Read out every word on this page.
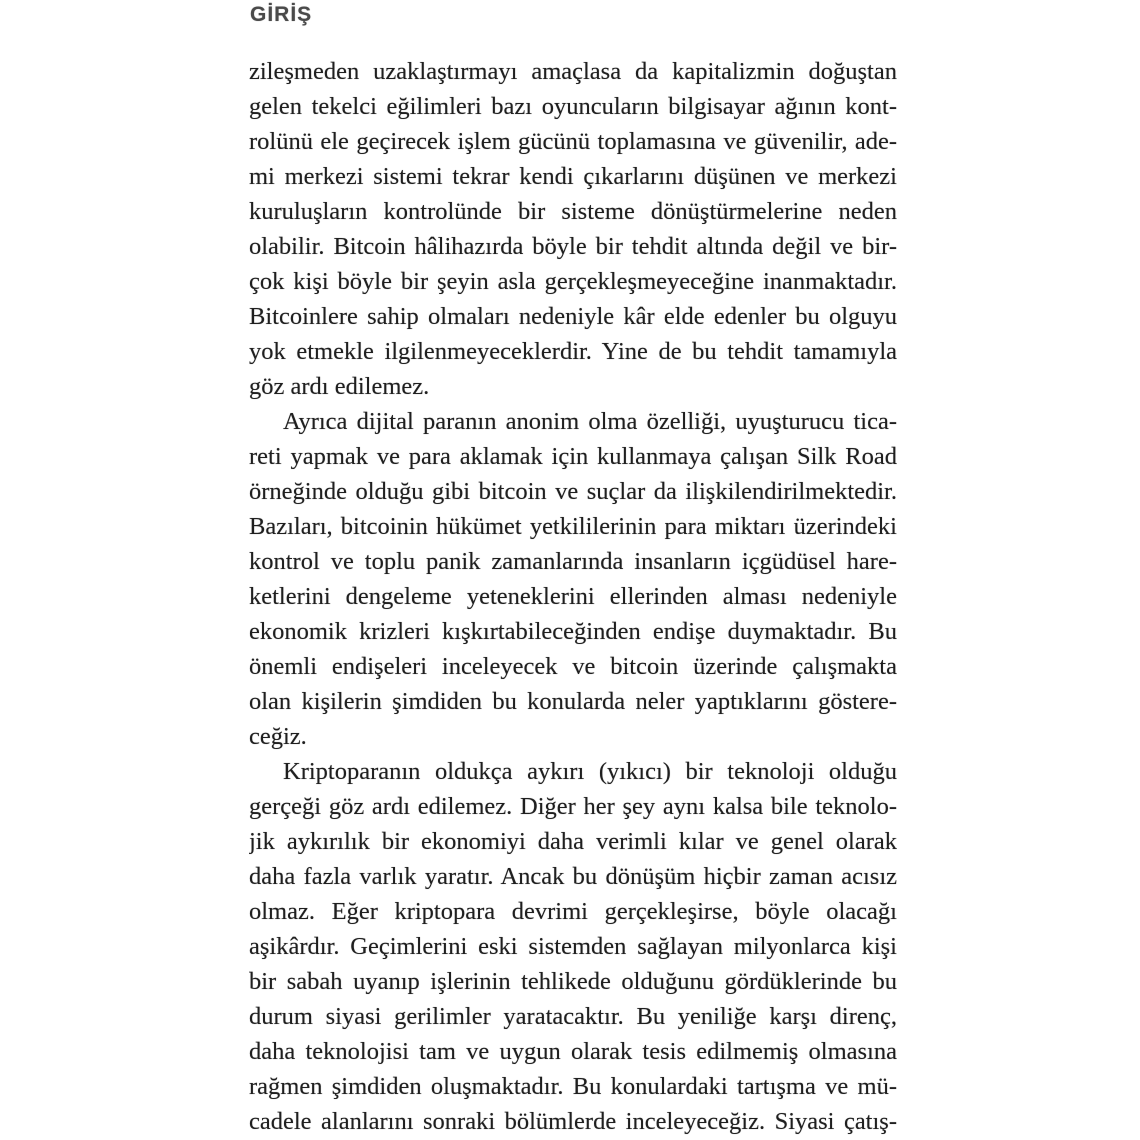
GİRİŞ
zileşmeden uzaklaştırmayı amaçlasa da kapitalizmin doğuştan
gelen tekelci eğilimleri bazı oyuncuların bilgisayar ağının kont-
rolünü ele geçirecek işlem gücünü toplamasına ve güvenilir, ade-
mi merkezi sistemi tekrar kendi çıkarlarını düşünen ve merkezi
kuruluşların kontrolünde bir sisteme dönüştürmelerine neden
olabilir. Bitcoin hâlihazırda böyle bir tehdit altında değil ve bir-
çok kişi böyle bir şeyin asla gerçekleşmeyeceğine inanmaktadır.
Bitcoinlere sahip olmaları nedeniyle kâr elde edenler bu olguyu
yok etmekle ilgilenmeyeceklerdir. Yine de bu tehdit tamamıyla
göz ardı edilemez.
Ayrıca dijital paranın anonim olma özelliği, uyuşturucu tica-
reti yapmak ve para aklamak için kullanmaya çalışan Silk Road
örneğinde olduğu gibi bitcoin ve suçlar da ilişkilendirilmektedir.
Bazıları, bitcoinin hükümet yetkililerinin para miktarı üzerindeki
kontrol ve toplu panik zamanlarında insanların içgüdüsel hare-
ketlerini dengeleme yeteneklerini ellerinden alması nedeniyle
ekonomik krizleri kışkırtabileceğinden endişe duymaktadır. Bu
önemli endişeleri inceleyecek ve bitcoin üzerinde çalışmakta
olan kişilerin şimdiden bu konularda neler yaptıklarını göstere-
ceğiz.
Kriptoparanın oldukça aykırı (yıkıcı) bir teknoloji olduğu
gerçeği göz ardı edilemez. Diğer her şey aynı kalsa bile teknolo-
jik aykırılık bir ekonomiyi daha verimli kılar ve genel olarak
daha fazla varlık yaratır. Ancak bu dönüşüm hiçbir zaman acısız
olmaz. Eğer kriptopara devrimi gerçekleşirse, böyle olacağı
aşikârdır. Geçimlerini eski sistemden sağlayan milyonlarca kişi
bir sabah uyanıp işlerinin tehlikede olduğunu gördüklerinde bu
durum siyasi gerilimler yaratacaktır. Bu yeniliğe karşı direnç,
daha teknolojisi tam ve uygun olarak tesis edilmemiş olmasına
rağmen şimdiden oluşmaktadır. Bu konulardaki tartışma ve mü-
cadele alanlarını sonraki bölümlerde inceleyeceğiz. Siyasi çatış-
